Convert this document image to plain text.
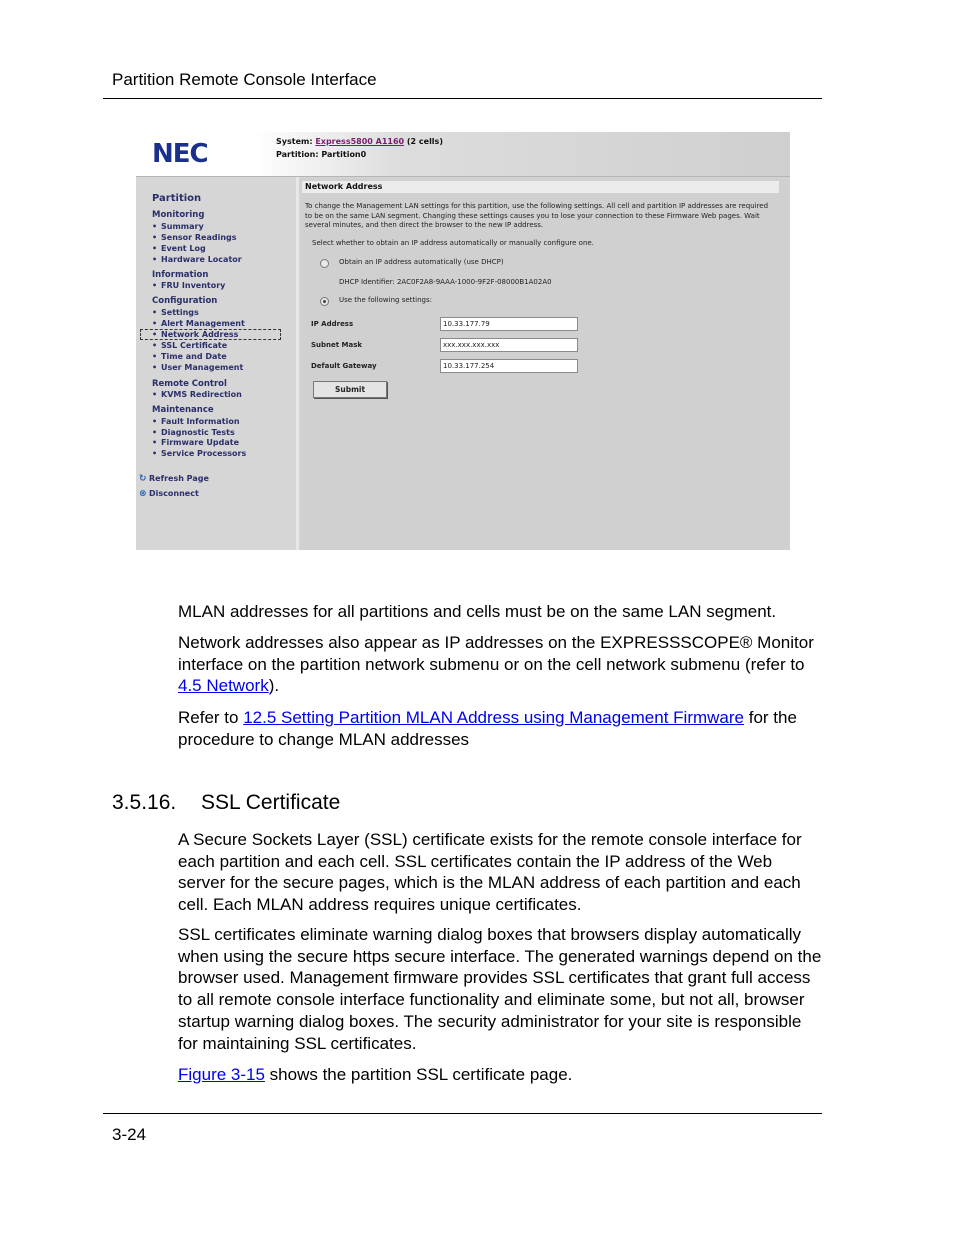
Partition Remote Console Interface
NEC	System: Express5800 A1160 (2 cells)
Partition: Partition0
Partition
Monitoring
• Summary
• Sensor Readings
• Event Log
• Hardware Locator
Information
• FRU Inventory
Configuration
• Settings
• Alert Management
• Network Address
• SSL Certificate
• Time and Date
• User Management
Remote Control
• KVMS Redirection
Maintenance
• Fault Information
• Diagnostic Tests
• Firmware Update
• Service Processors
↻ Refresh Page
⊗ Disconnect
Network Address
To change the Management LAN settings for this partition, use the following settings. All cell and partition IP addresses are required to be on the same LAN segment. Changing these settings causes you to lose your connection to these Firmware Web pages. Wait several minutes, and then direct the browser to the new IP address.
Select whether to obtain an IP address automatically or manually configure one.
Obtain an IP address automatically (use DHCP)
DHCP Identifier: 2AC0F2A8-9AAA-1000-9F2F-08000B1A02A0
Use the following settings:
IP Address	10.33.177.79
Subnet Mask	xxx.xxx.xxx.xxx
Default Gateway	10.33.177.254
Submit

MLAN addresses for all partitions and cells must be on the same LAN segment.

Network addresses also appear as IP addresses on the EXPRESSSCOPE® Monitor interface on the partition network submenu or on the cell network submenu (refer to 4.5 Network).

Refer to 12.5 Setting Partition MLAN Address using Management Firmware for the procedure to change MLAN addresses

3.5.16. SSL Certificate

A Secure Sockets Layer (SSL) certificate exists for the remote console interface for each partition and each cell. SSL certificates contain the IP address of the Web server for the secure pages, which is the MLAN address of each partition and each cell. Each MLAN address requires unique certificates.

SSL certificates eliminate warning dialog boxes that browsers display automatically when using the secure https secure interface. The generated warnings depend on the browser used. Management firmware provides SSL certificates that grant full access to all remote console interface functionality and eliminate some, but not all, browser startup warning dialog boxes. The security administrator for your site is responsible for maintaining SSL certificates.

Figure 3-15 shows the partition SSL certificate page.

3-24
